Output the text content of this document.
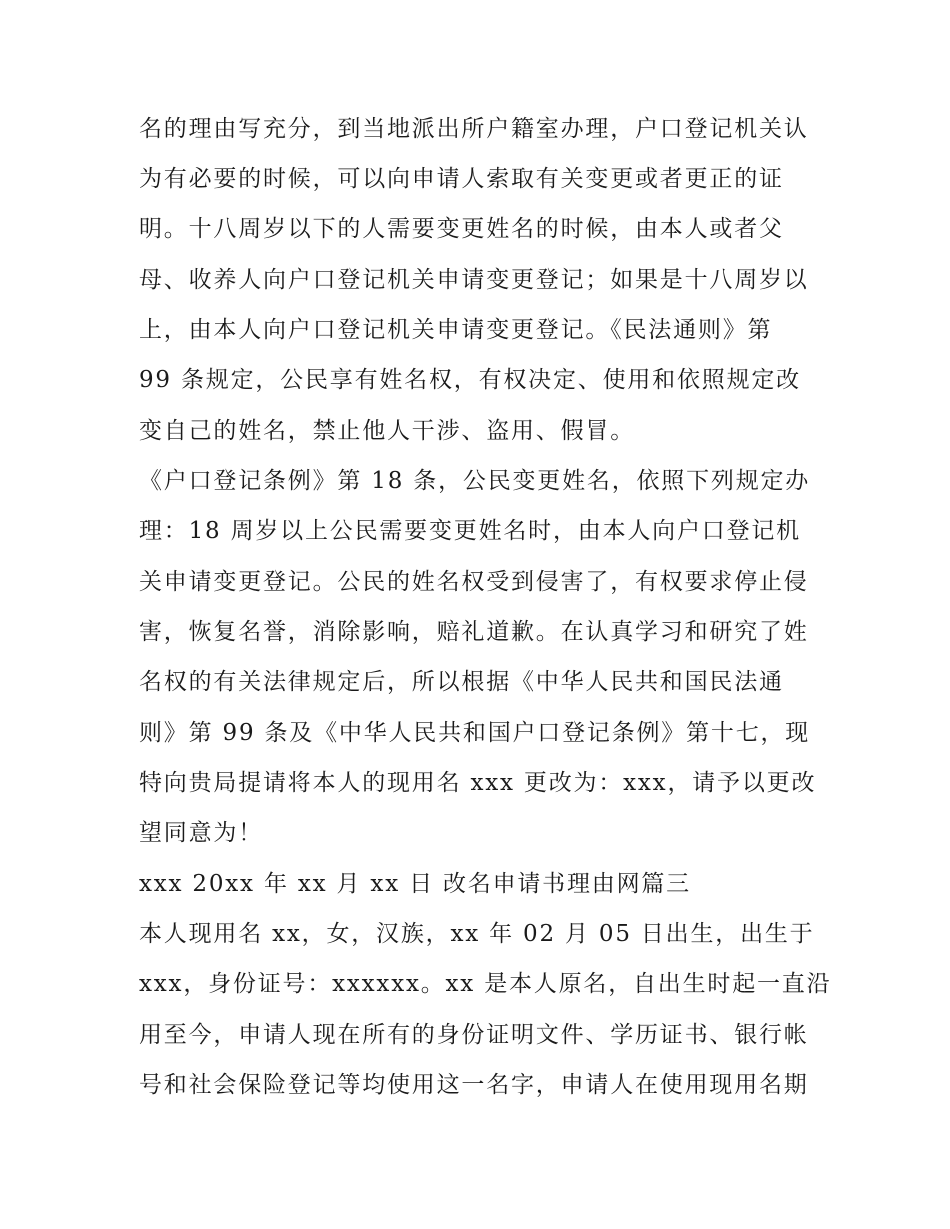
名的理由写充分，到当地派出所户籍室办理，户口登记机关认
为有必要的时候，可以向申请人索取有关变更或者更正的证
明。十八周岁以下的人需要变更姓名的时候，由本人或者父
母、收养人向户口登记机关申请变更登记；如果是十八周岁以
上，由本人向户口登记机关申请变更登记。《民法通则》第
99 条规定，公民享有姓名权，有权决定、使用和依照规定改
变自己的姓名，禁止他人干涉、盗用、假冒。
《户口登记条例》第 18 条，公民变更姓名，依照下列规定办
理：18 周岁以上公民需要变更姓名时，由本人向户口登记机
关申请变更登记。公民的姓名权受到侵害了，有权要求停止侵
害，恢复名誉，消除影响，赔礼道歉。在认真学习和研究了姓
名权的有关法律规定后，所以根据《中华人民共和国民法通
则》第 99 条及《中华人民共和国户口登记条例》第十七，现
特向贵局提请将本人的现用名 xxx 更改为：xxx，请予以更改
望同意为！
xxx 20xx 年 xx 月 xx 日 改名申请书理由网篇三
本人现用名 xx，女，汉族，xx 年 02 月 05 日出生，出生于
xxx，身份证号：xxxxxx。xx 是本人原名，自出生时起一直沿
用至今，申请人现在所有的身份证明文件、学历证书、银行帐
号和社会保险登记等均使用这一名字，申请人在使用现用名期
